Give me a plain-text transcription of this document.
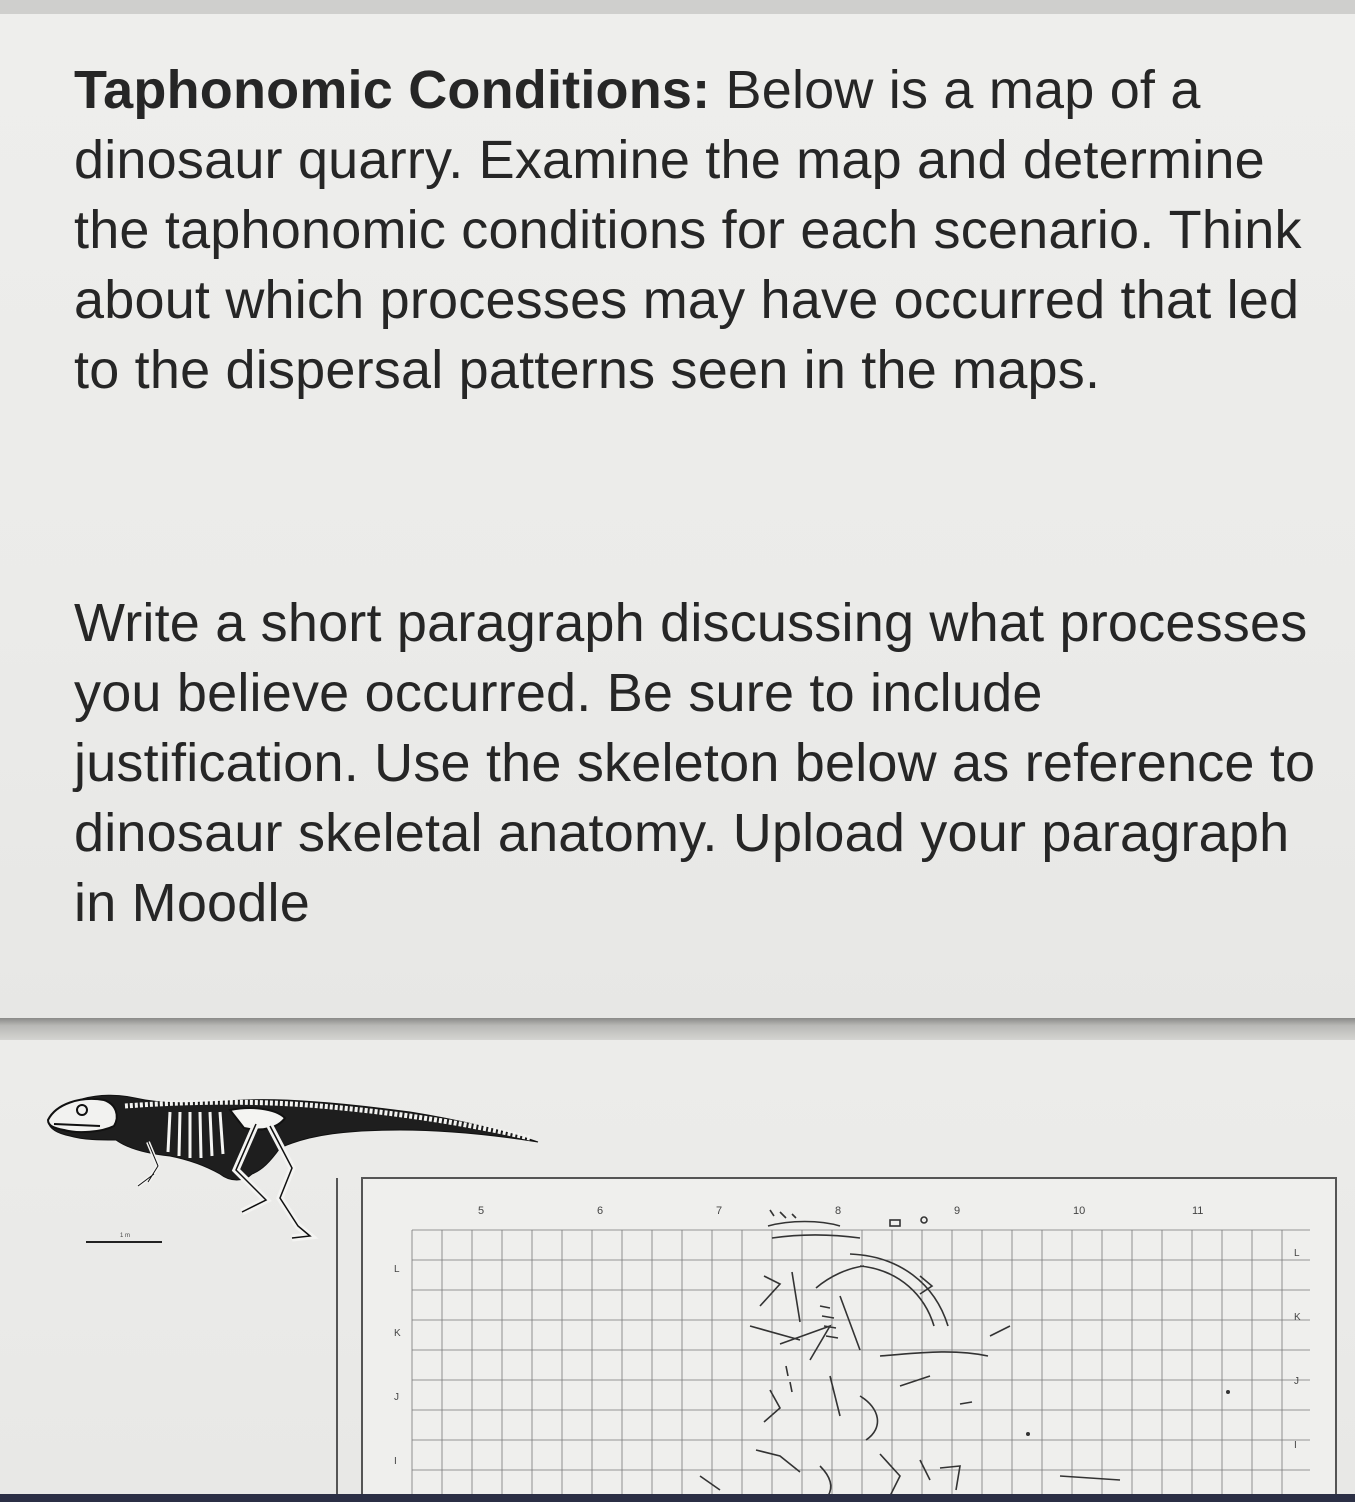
Taphonomic Conditions: Below is a map of a dinosaur quarry. Examine the map and determine the taphonomic conditions for each scenario. Think about which processes may have occurred that led to the dispersal patterns seen in the maps.

Write a short paragraph discussing what processes you believe occurred. Be sure to include justification. Use the skeleton below as reference to dinosaur skeletal anatomy. Upload your paragraph in Moodle

1 m
5	6	7	8	9	10	11
L
L
K
K
J
J
I
I
